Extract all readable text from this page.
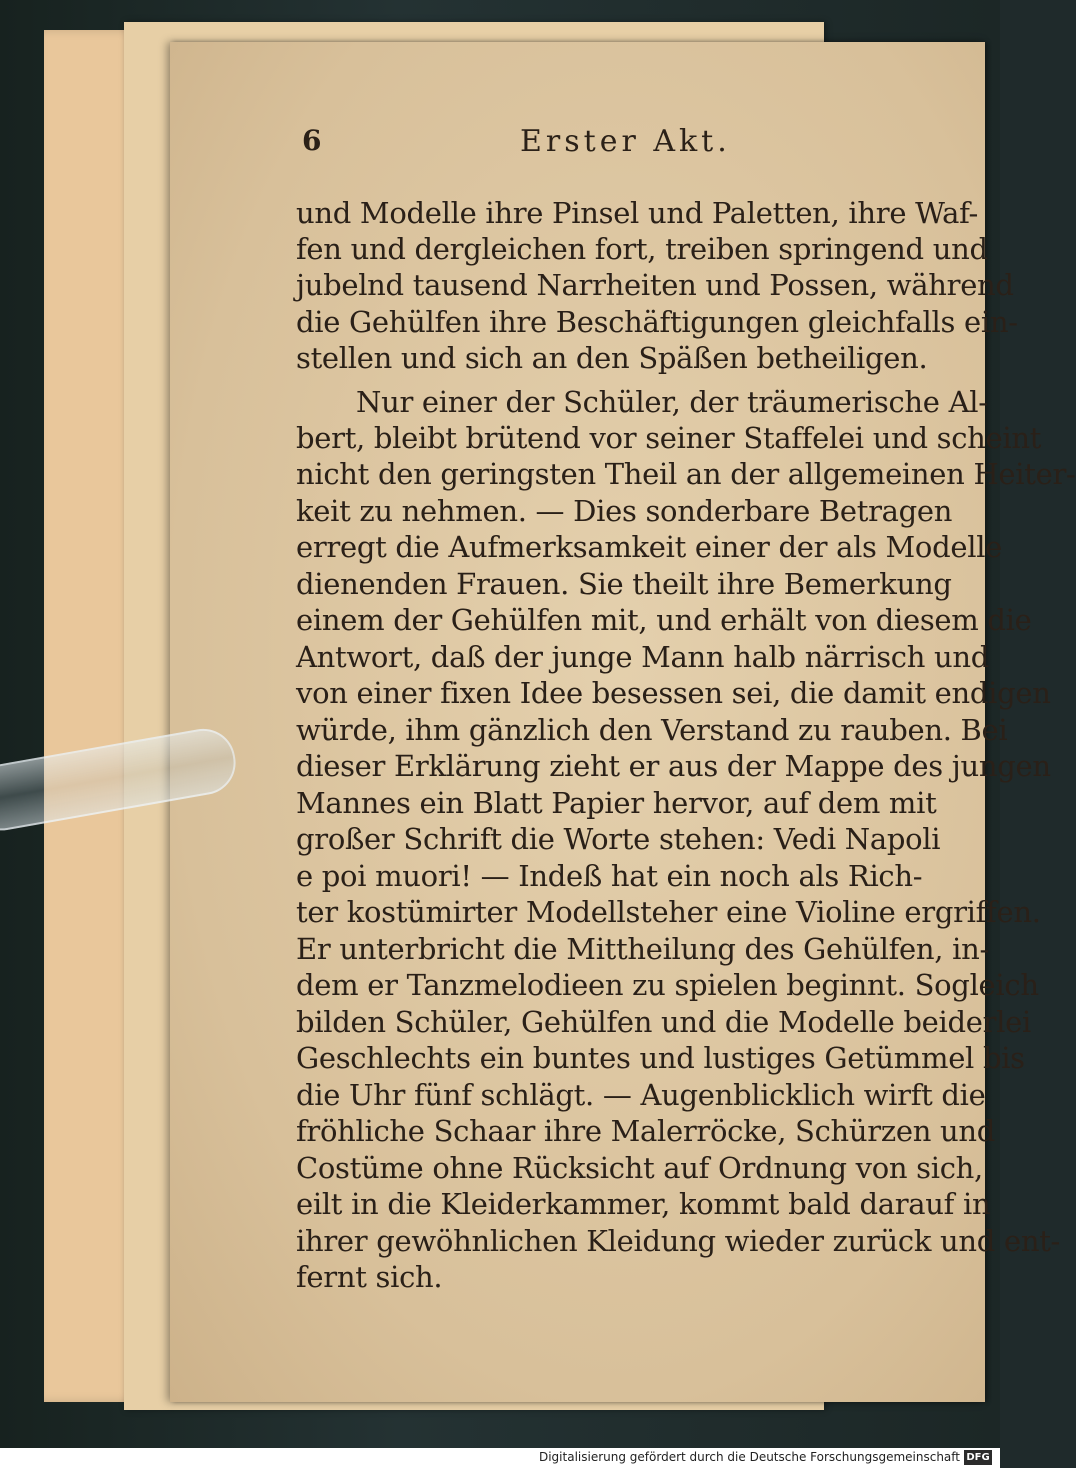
6	Erster Akt.
und Modelle ihre Pinsel und Paletten, ihre Waf-
fen und dergleichen fort, treiben springend und
jubelnd tausend Narrheiten und Possen, während
die Gehülfen ihre Beschäftigungen gleichfalls ein-
stellen und sich an den Späßen betheiligen.
Nur einer der Schüler, der träumerische Al-
bert, bleibt brütend vor seiner Staffelei und scheint
nicht den geringsten Theil an der allgemeinen Heiter-
keit zu nehmen. — Dies sonderbare Betragen
erregt die Aufmerksamkeit einer der als Modelle
dienenden Frauen. Sie theilt ihre Bemerkung
einem der Gehülfen mit, und erhält von diesem die
Antwort, daß der junge Mann halb närrisch und
von einer fixen Idee besessen sei, die damit endigen
würde, ihm gänzlich den Verstand zu rauben. Bei
dieser Erklärung zieht er aus der Mappe des jungen
Mannes ein Blatt Papier hervor, auf dem mit
großer Schrift die Worte stehen: Vedi Napoli
e poi muori! — Indeß hat ein noch als Rich-
ter kostümirter Modellsteher eine Violine ergriffen.
Er unterbricht die Mittheilung des Gehülfen, in-
dem er Tanzmelodieen zu spielen beginnt. Sogleich
bilden Schüler, Gehülfen und die Modelle beiderlei
Geschlechts ein buntes und lustiges Getümmel bis
die Uhr fünf schlägt. — Augenblicklich wirft die
fröhliche Schaar ihre Malerröcke, Schürzen und
Costüme ohne Rücksicht auf Ordnung von sich,
eilt in die Kleiderkammer, kommt bald darauf in
ihrer gewöhnlichen Kleidung wieder zurück und ent-
fernt sich.
Digitalisierung gefördert durch die Deutsche Forschungsgemeinschaft DFG
